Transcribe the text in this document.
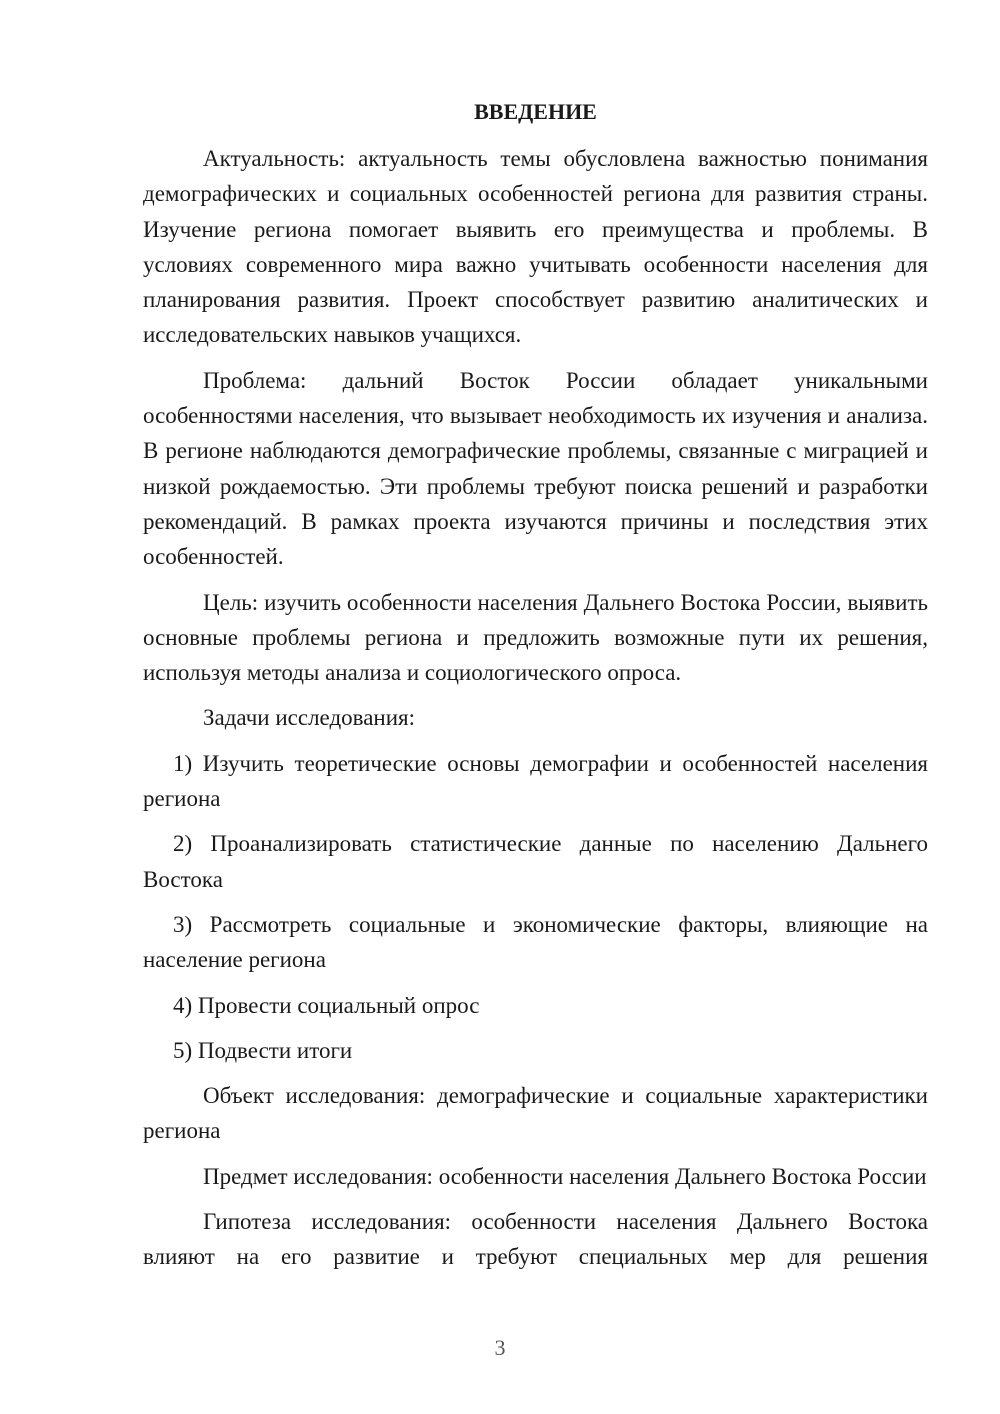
ВВЕДЕНИЕ

Актуальность: актуальность темы обусловлена важностью понимания демографических и социальных особенностей региона для развития страны. Изучение региона помогает выявить его преимущества и проблемы. В условиях современного мира важно учитывать особенности населения для планирования развития. Проект способствует развитию аналитических и исследовательских навыков учащихся.

Проблема: дальний Восток России обладает уникальными особенностями населения, что вызывает необходимость их изучения и анализа. В регионе наблюдаются демографические проблемы, связанные с миграцией и низкой рождаемостью. Эти проблемы требуют поиска решений и разработки рекомендаций. В рамках проекта изучаются причины и последствия этих особенностей.

Цель: изучить особенности населения Дальнего Востока России, выявить основные проблемы региона и предложить возможные пути их решения, используя методы анализа и социологического опроса.

Задачи исследования:

1) Изучить теоретические основы демографии и особенностей населения региона

2) Проанализировать статистические данные по населению Дальнего Востока

3) Рассмотреть социальные и экономические факторы, влияющие на население региона

4) Провести социальный опрос

5) Подвести итоги

Объект исследования: демографические и социальные характеристики региона

Предмет исследования: особенности населения Дальнего Востока России

Гипотеза исследования: особенности населения Дальнего Востока влияют на его развитие и требуют специальных мер для решения

3
